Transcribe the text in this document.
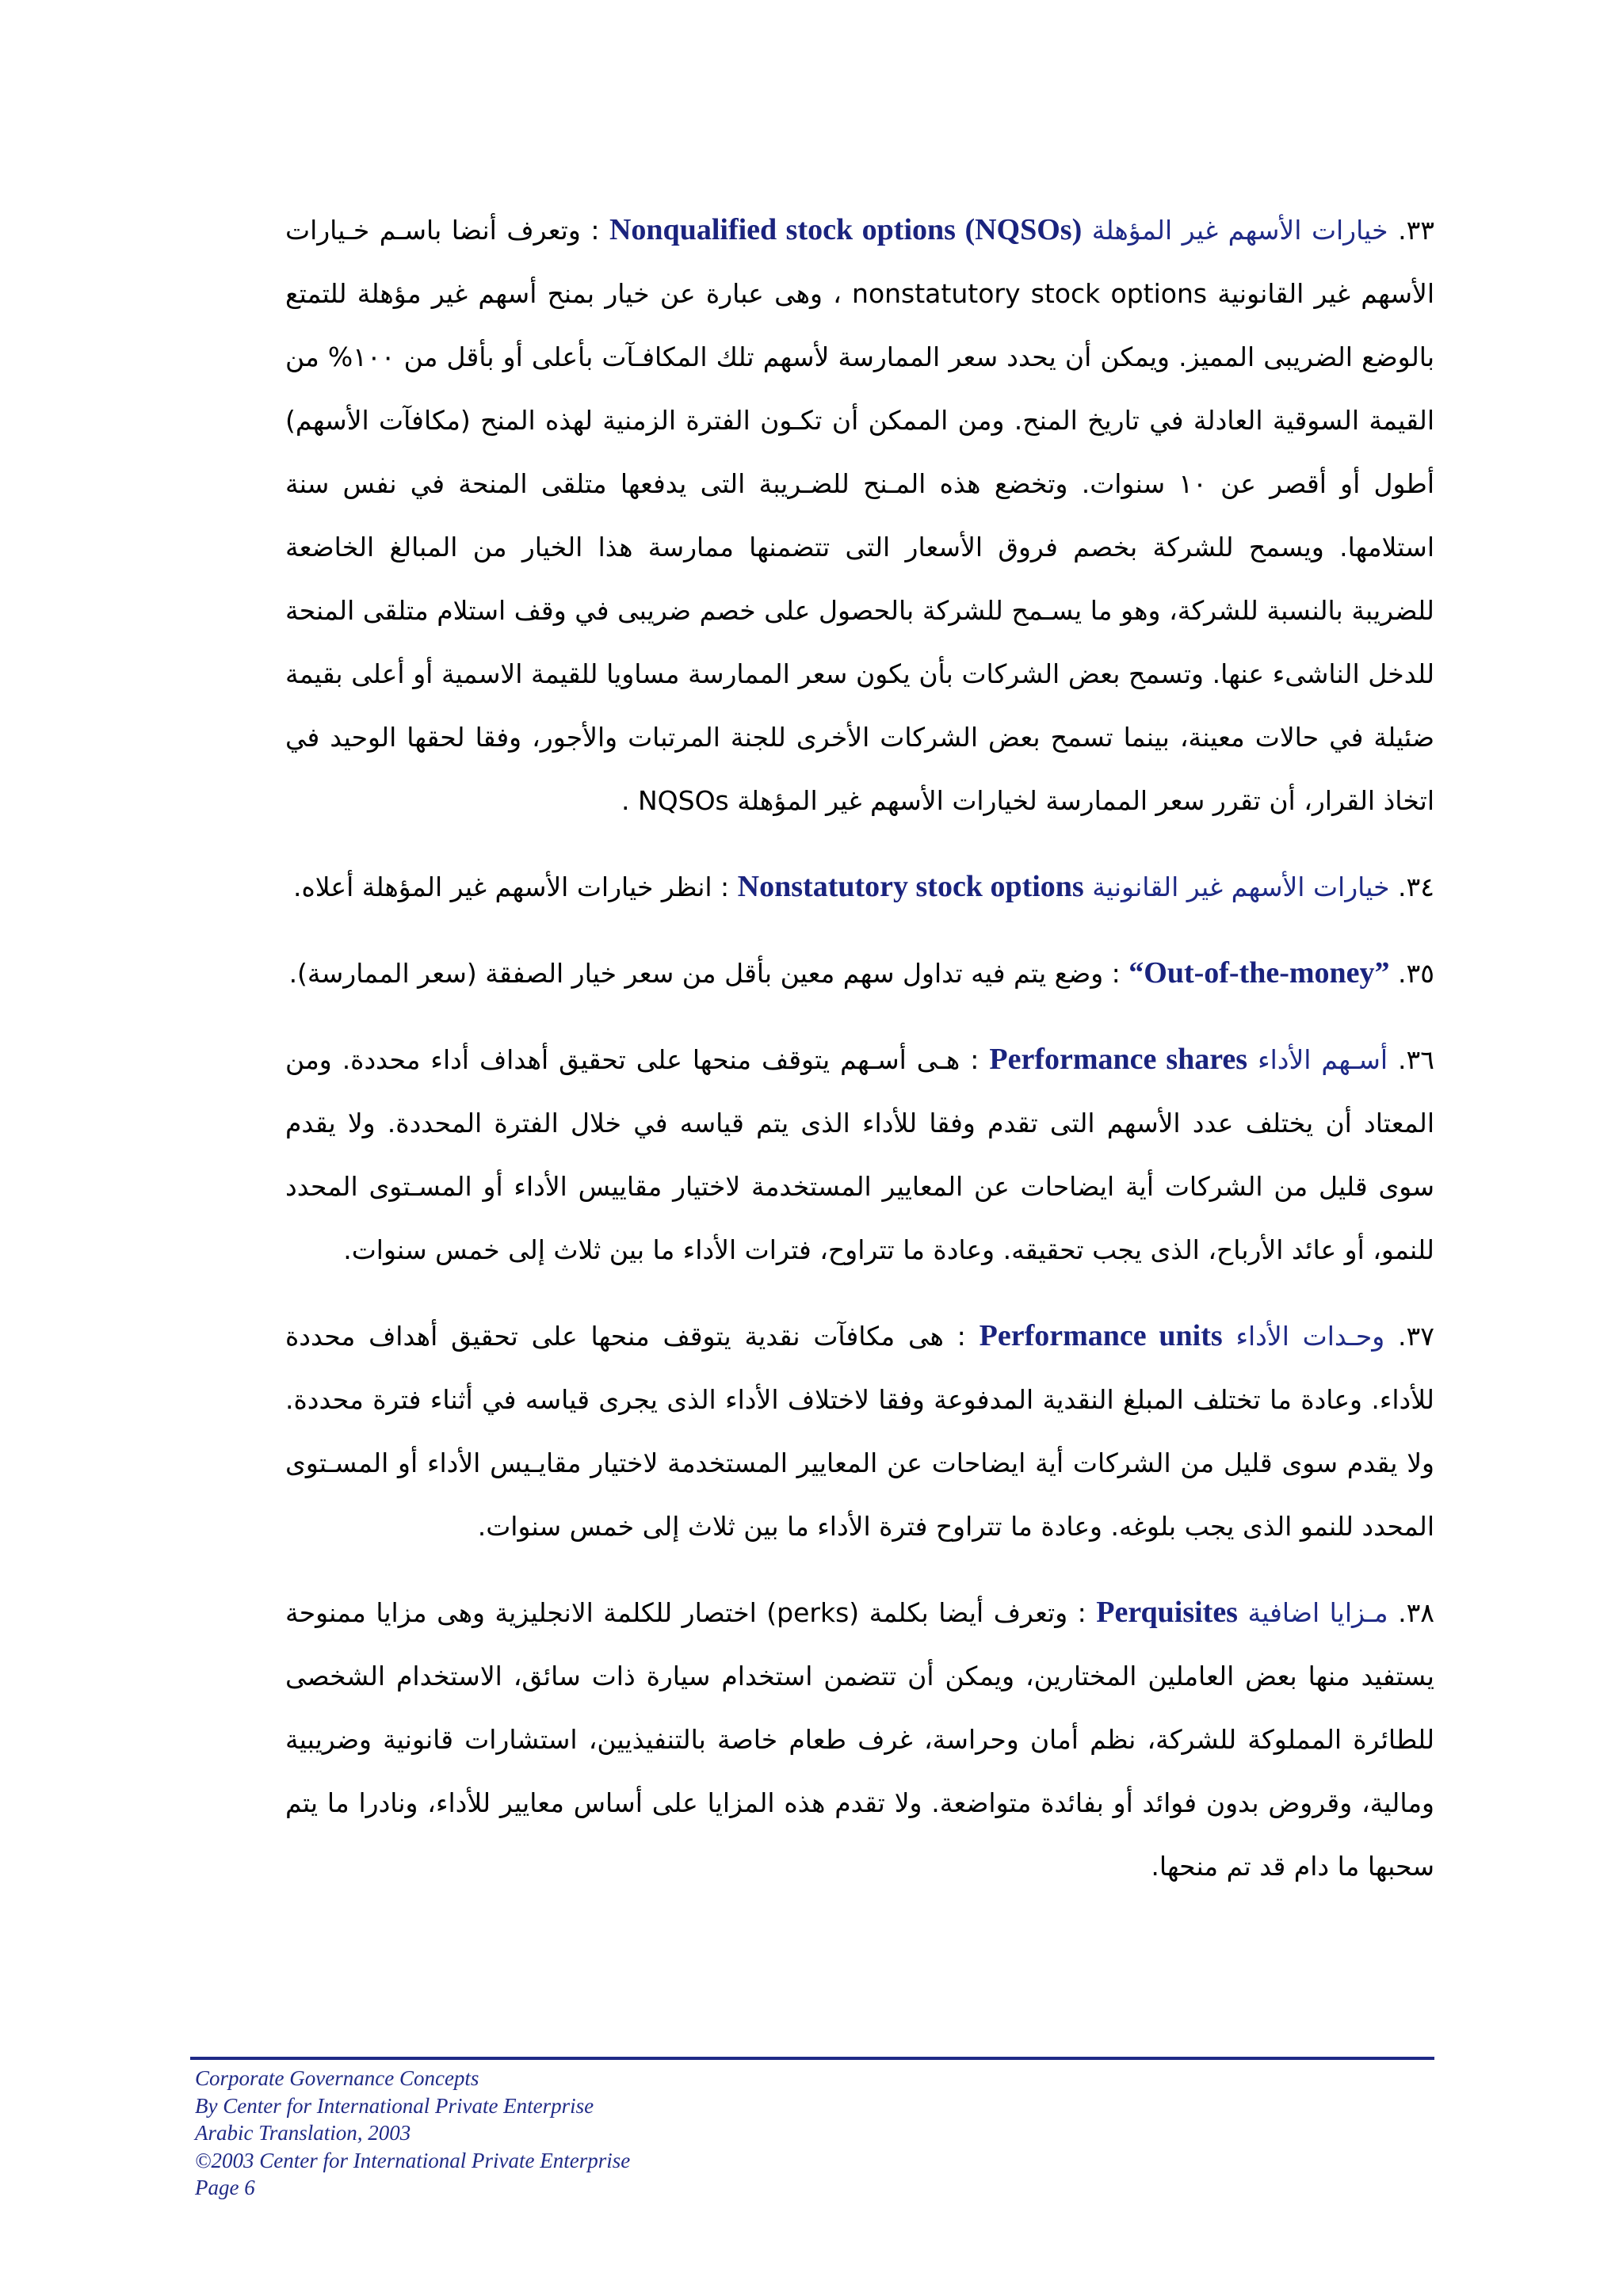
٣٣. خيارات الأسهم غير المؤهلة Nonqualified stock options (NQSOs) : وتعرف أنضا باسـم خـيارات الأسهم غير القانونية nonstatutory stock options ، وهى عبارة عن خيار بمنح أسهم غير مؤهلة للتمتع بالوضع الضريبى المميز. ويمكن أن يحدد سعر الممارسة لأسهم تلك المكافـآت بأعلى أو بأقل من ١٠٠% من القيمة السوقية العادلة في تاريخ المنح. ومن الممكن أن تكـون الفترة الزمنية لهذه المنح (مكافآت الأسهم) أطول أو أقصر عن ١٠ سنوات. وتخضع هذه المـنح للضـريبة التى يدفعها متلقى المنحة في نفس سنة استلامها. ويسمح للشركة بخصم فروق الأسعار التى تتضمنها ممارسة هذا الخيار من المبالغ الخاضعة للضريبة بالنسبة للشركة، وهو ما يسـمح للشركة بالحصول على خصم ضريبى في وقف استلام متلقى المنحة للدخل الناشىء عنها. وتسمح بعض الشركات بأن يكون سعر الممارسة مساويا للقيمة الاسمية أو أعلى بقيمة ضئيلة في حالات معينة، بينما تسمح بعض الشركات الأخرى للجنة المرتبات والأجور، وفقا لحقها الوحيد في اتخاذ القرار، أن تقرر سعر الممارسة لخيارات الأسهم غير المؤهلة NQSOs .

٣٤. خيارات الأسهم غير القانونية Nonstatutory stock options : انظر خيارات الأسهم غير المؤهلة أعلاه.

٣٥. “Out-of-the-money” : وضع يتم فيه تداول سهم معين بأقل من سعر خيار الصفقة (سعر الممارسة).

٣٦. أسـهم الأداء Performance shares : هـى أسـهم يتوقف منحها على تحقيق أهداف أداء محددة. ومن المعتاد أن يختلف عدد الأسهم التى تقدم وفقا للأداء الذى يتم قياسه في خلال الفترة المحددة. ولا يقدم سوى قليل من الشركات أية ايضاحات عن المعايير المستخدمة لاختيار مقاييس الأداء أو المسـتوى المحدد للنمو، أو عائد الأرباح، الذى يجب تحقيقه. وعادة ما تتراوح، فترات الأداء ما بين ثلاث إلى خمس سنوات.

٣٧. وحـدات الأداء Performance units : هى مكافآت نقدية يتوقف منحها على تحقيق أهداف محددة للأداء. وعادة ما تختلف المبلغ النقدية المدفوعة وفقا لاختلاف الأداء الذى يجرى قياسه في أثناء فترة محددة. ولا يقدم سوى قليل من الشركات أية ايضاحات عن المعايير المستخدمة لاختيار مقايـيس الأداء أو المسـتوى المحدد للنمو الذى يجب بلوغه. وعادة ما تتراوح فترة الأداء ما بين ثلاث إلى خمس سنوات.

٣٨. مـزايا اضافية Perquisites : وتعرف أيضا بكلمة (perks) اختصار للكلمة الانجليزية وهى مزايا ممنوحة يستفيد منها بعض العاملين المختارين، ويمكن أن تتضمن استخدام سيارة ذات سائق، الاستخدام الشخصى للطائرة المملوكة للشركة، نظم أمان وحراسة، غرف طعام خاصة بالتنفيذيين، استشارات قانونية وضريبية ومالية، وقروض بدون فوائد أو بفائدة متواضعة. ولا تقدم هذه المزايا على أساس معايير للأداء، ونادرا ما يتم سحبها ما دام قد تم منحها.

Corporate Governance Concepts
By Center for International Private Enterprise
Arabic Translation, 2003
©2003 Center for International Private Enterprise
Page 6
